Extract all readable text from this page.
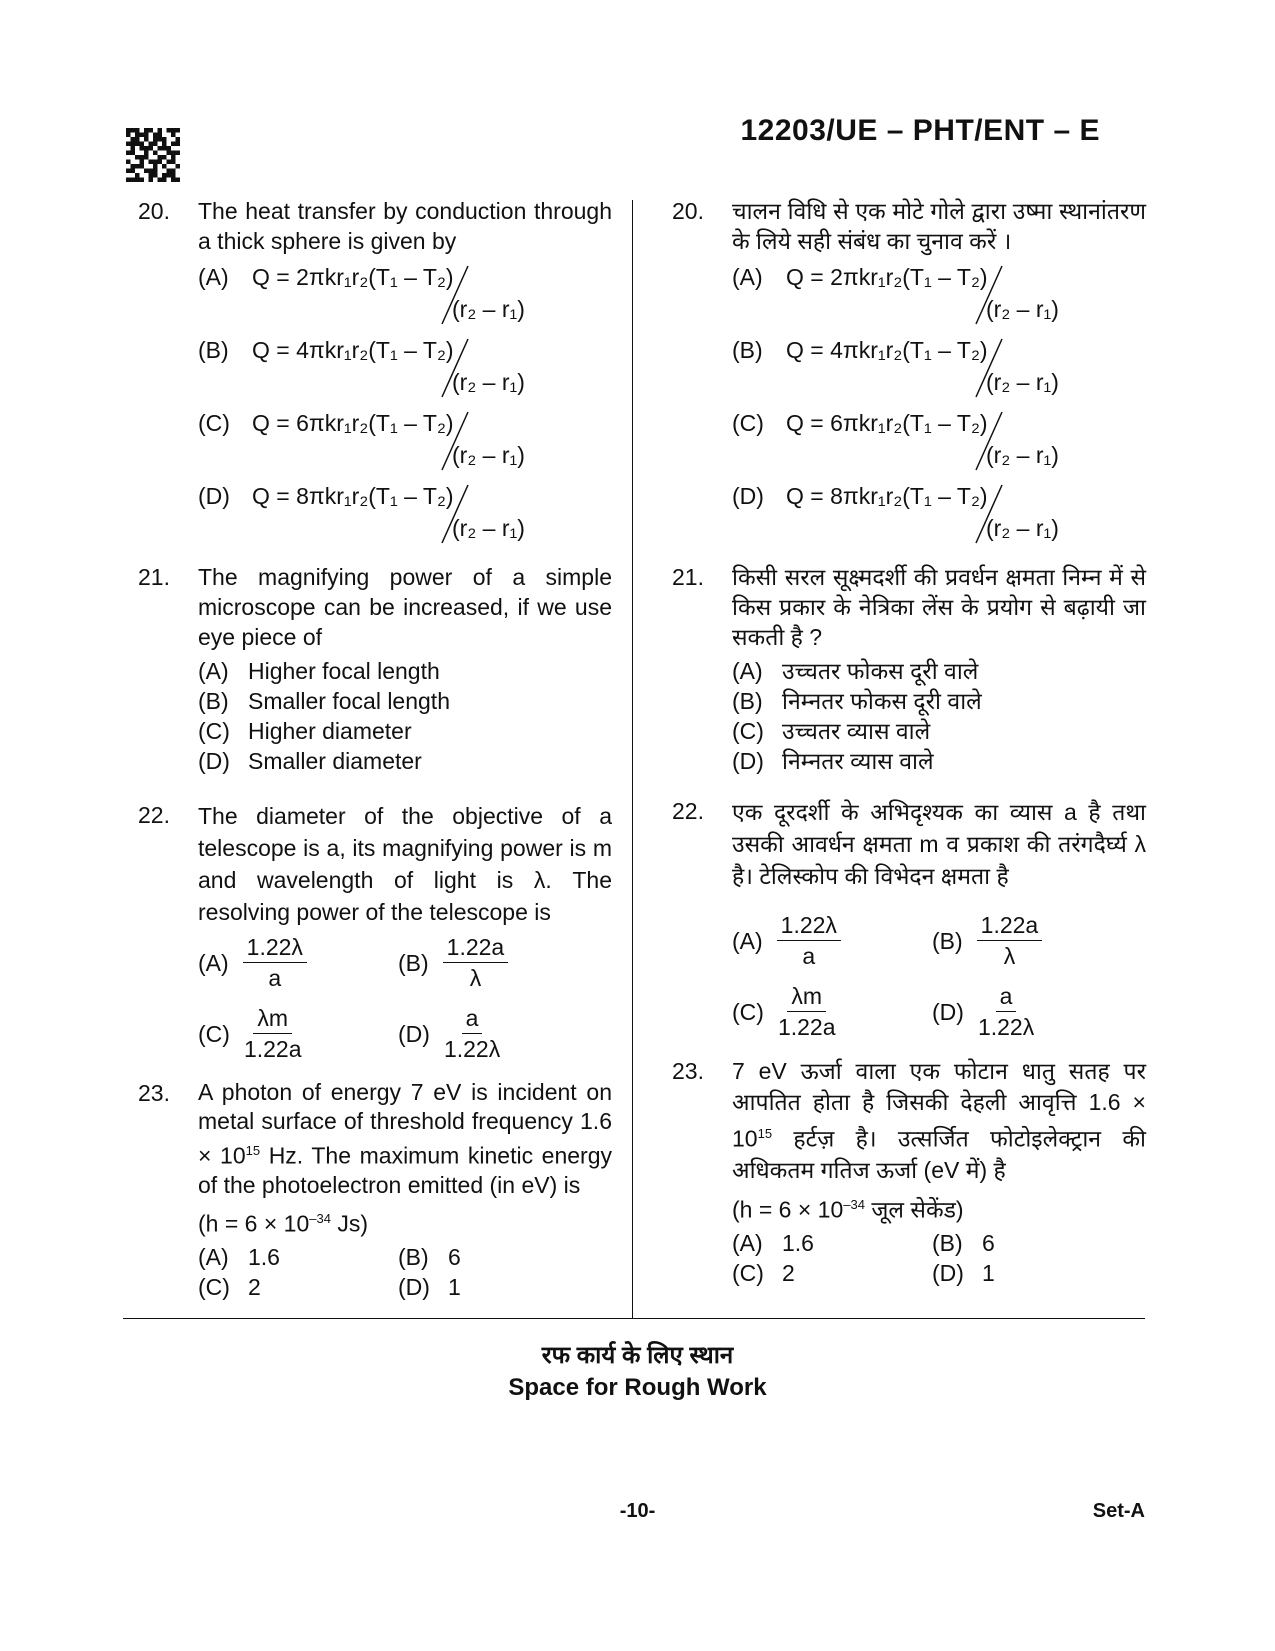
12203/UE – PHT/ENT – E
20. The heat transfer by conduction through a thick sphere is given by
(A) Q = 2πkr₁r₂(T₁ – T₂)
(r₂ – r₁)
(B) Q = 4πkr₁r₂(T₁ – T₂)
(r₂ – r₁)
(C) Q = 6πkr₁r₂(T₁ – T₂)
(r₂ – r₁)
(D) Q = 8πkr₁r₂(T₁ – T₂)
(r₂ – r₁)
21. The magnifying power of a simple microscope can be increased, if we use eye piece of
(A) Higher focal length
(B) Smaller focal length
(C) Higher diameter
(D) Smaller diameter
22. The diameter of the objective of a telescope is a, its magnifying power is m and wavelength of light is λ. The resolving power of the telescope is
$(A) \frac{1.22\lambda}{a}$	$(B) \frac{1.22a}{\lambda}$
$(C) \frac{\lambda m}{1.22a}$	$(D) \frac{a}{1.22\lambda}$
23. A photon of energy 7 eV is incident on metal surface of threshold frequency $1.6 \times 10^{15}$ Hz. The maximum kinetic energy of the photoelectron emitted (in eV) is
($h = 6 \times 10^{-34}$ Js)
(A) 1.6	(B) 6
(C) 2	(D) 1
20. चालन विधि से एक मोटे गोले द्वारा उष्मा स्थानांतरण के लिये सही संबंध का चुनाव करें ।
(A) Q = 2πkr₁r₂(T₁ – T₂)
(r₂ – r₁)
(B) Q = 4πkr₁r₂(T₁ – T₂)
(r₂ – r₁)
(C) Q = 6πkr₁r₂(T₁ – T₂)
(r₂ – r₁)
(D) Q = 8πkr₁r₂(T₁ – T₂)
(r₂ – r₁)
21. किसी सरल सूक्ष्मदर्शी की प्रवर्धन क्षमता निम्न में से किस प्रकार के नेत्रिका लेंस के प्रयोग से बढ़ायी जा सकती है ?
(A) उच्चतर फोकस दूरी वाले
(B) निम्नतर फोकस दूरी वाले
(C) उच्चतर व्यास वाले
(D) निम्नतर व्यास वाले
22. एक दूरदर्शी के अभिदृश्यक का व्यास a है तथा उसकी आवर्धन क्षमता m व प्रकाश की तरंगदैर्घ्य λ है। टेलिस्कोप की विभेदन क्षमता है
$(A) \frac{1.22\lambda}{a}$	$(B) \frac{1.22a}{\lambda}$
$(C) \frac{\lambda m}{1.22a}$	$(D) \frac{a}{1.22\lambda}$
23. 7 eV ऊर्जा वाला एक फोटान धातु सतह पर आपतित होता है जिसकी देहली आवृत्ति $1.6 \times 10^{15}$ हर्टज़ है। उत्सर्जित फोटोइलेक्ट्रान की अधिकतम गतिज ऊर्जा (eV में) है
($h = 6 \times 10^{-34}$ जूल सेकेंड)
(A) 1.6	(B) 6
(C) 2	(D) 1
रफ कार्य के लिए स्थान
Space for Rough Work
-10-	Set-A
